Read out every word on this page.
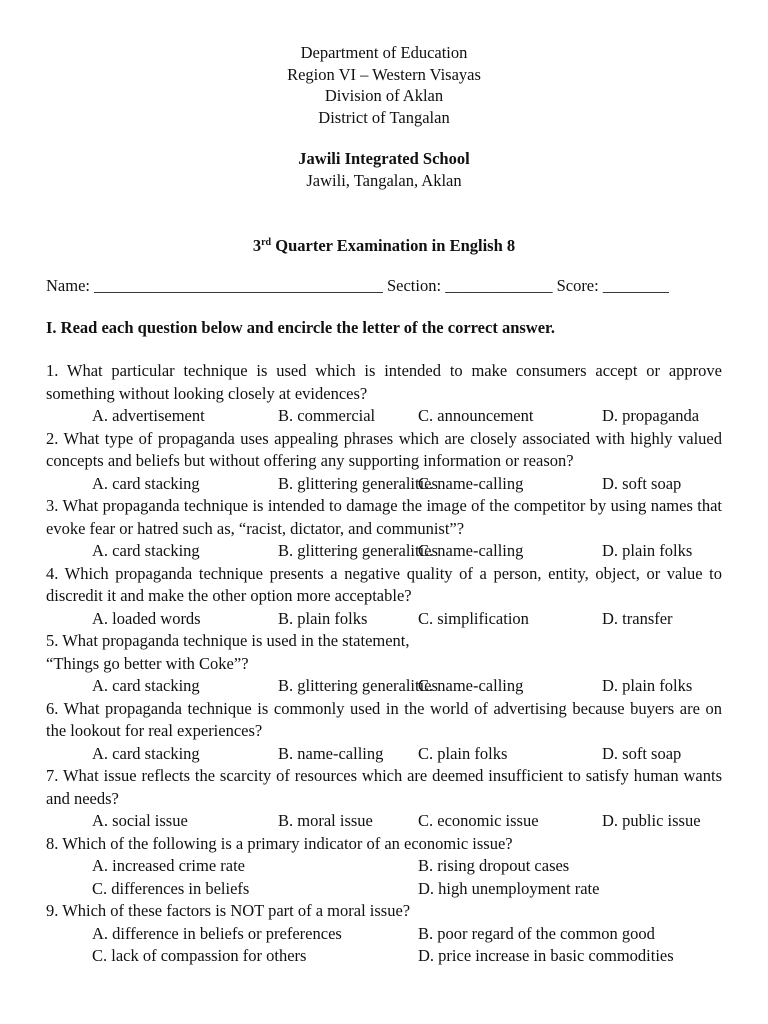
Department of Education
Region VI – Western Visayas
Division of Aklan
District of Tangalan
Jawili Integrated School
Jawili, Tangalan, Aklan
3rd Quarter Examination in English 8
Name: ___________________________________ Section: _____________ Score: ________
I. Read each question below and encircle the letter of the correct answer.
1. What particular technique is used which is intended to make consumers accept or approve something without looking closely at evidences?
A. advertisement	B. commercial	C. announcement	D. propaganda
2. What type of propaganda uses appealing phrases which are closely associated with highly valued concepts and beliefs but without offering any supporting information or reason?
A. card stacking	B. glittering generalities
C. name-calling	D. soft soap
3. What propaganda technique is intended to damage the image of the competitor by using names that evoke fear or hatred such as, “racist, dictator, and communist”?
A. card stacking	B. glittering generalities
C. name-calling	D. plain folks
4. Which propaganda technique presents a negative quality of a person, entity, object, or value to discredit it and make the other option more acceptable?
A. loaded words	B. plain folks	C. simplification	D. transfer
5. What propaganda technique is used in the statement,
“Things go better with Coke”?
A. card stacking	B. glittering generalities
C. name-calling	D. plain folks
6. What propaganda technique is commonly used in the world of advertising because buyers are on the lookout for real experiences?
A. card stacking	B. name-calling C. plain folks	D. soft soap
7. What issue reflects the scarcity of resources which are deemed insufficient to satisfy human wants and needs?
A. social issue	B. moral issue	C. economic issue	D. public issue
8. Which of the following is a primary indicator of an economic issue?
A. increased crime rate	B. rising dropout cases
C. differences in beliefs	D. high unemployment rate
9. Which of these factors is NOT part of a moral issue?
A. difference in beliefs or preferences	B. poor regard of the common good
C. lack of compassion for others	D. price increase in basic commodities
